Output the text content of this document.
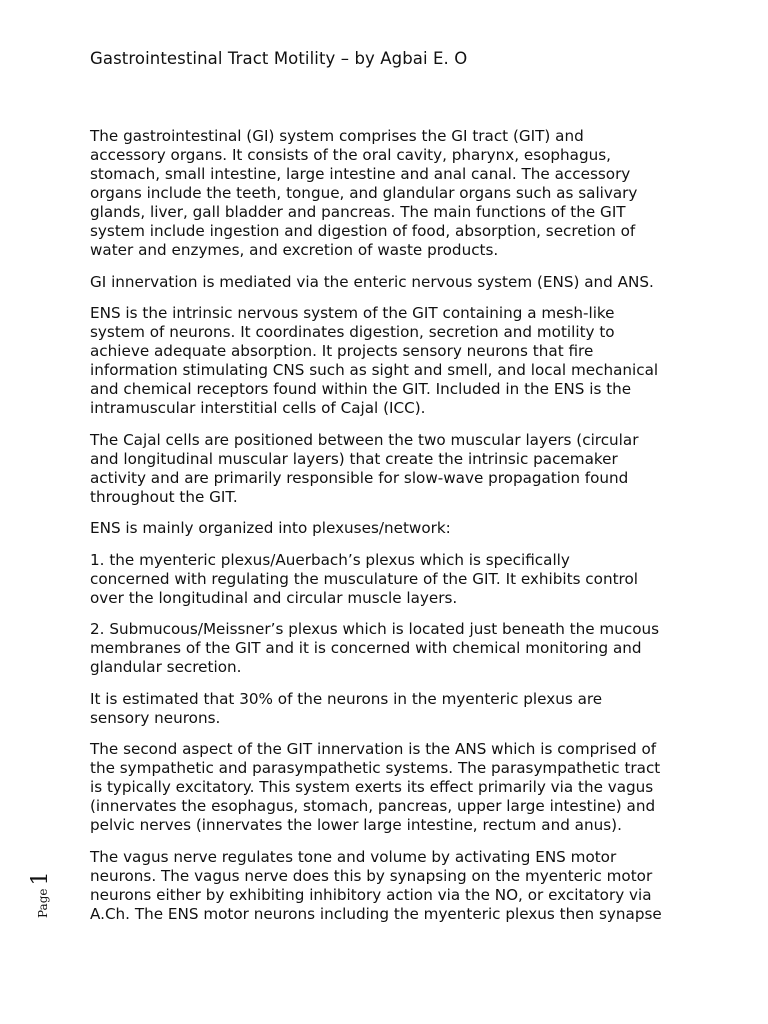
Gastrointestinal Tract Motility – by Agbai E. O

The gastrointestinal (GI) system comprises the GI tract (GIT) and
accessory organs. It consists of the oral cavity, pharynx, esophagus,
stomach, small intestine, large intestine and anal canal. The accessory
organs include the teeth, tongue, and glandular organs such as salivary
glands, liver, gall bladder and pancreas. The main functions of the GIT
system include ingestion and digestion of food, absorption, secretion of
water and enzymes, and excretion of waste products.

GI innervation is mediated via the enteric nervous system (ENS) and ANS.

ENS is the intrinsic nervous system of the GIT containing a mesh-like
system of neurons. It coordinates digestion, secretion and motility to
achieve adequate absorption. It projects sensory neurons that fire
information stimulating CNS such as sight and smell, and local mechanical
and chemical receptors found within the GIT. Included in the ENS is the
intramuscular interstitial cells of Cajal (ICC).

The Cajal cells are positioned between the two muscular layers (circular
and longitudinal muscular layers) that create the intrinsic pacemaker
activity and are primarily responsible for slow-wave propagation found
throughout the GIT.

ENS is mainly organized into plexuses/network:

1. the myenteric plexus/Auerbach’s plexus which is specifically
concerned with regulating the musculature of the GIT. It exhibits control
over the longitudinal and circular muscle layers.

2. Submucous/Meissner’s plexus which is located just beneath the mucous
membranes of the GIT and it is concerned with chemical monitoring and
glandular secretion.

It is estimated that 30% of the neurons in the myenteric plexus are
sensory neurons.

The second aspect of the GIT innervation is the ANS which is comprised of
the sympathetic and parasympathetic systems. The parasympathetic tract
is typically excitatory. This system exerts its effect primarily via the vagus
(innervates the esophagus, stomach, pancreas, upper large intestine) and
pelvic nerves (innervates the lower large intestine, rectum and anus).

The vagus nerve regulates tone and volume by activating ENS motor
neurons. The vagus nerve does this by synapsing on the myenteric motor
neurons either by exhibiting inhibitory action via the NO, or excitatory via
A.Ch. The ENS motor neurons including the myenteric plexus then synapse

Page1
